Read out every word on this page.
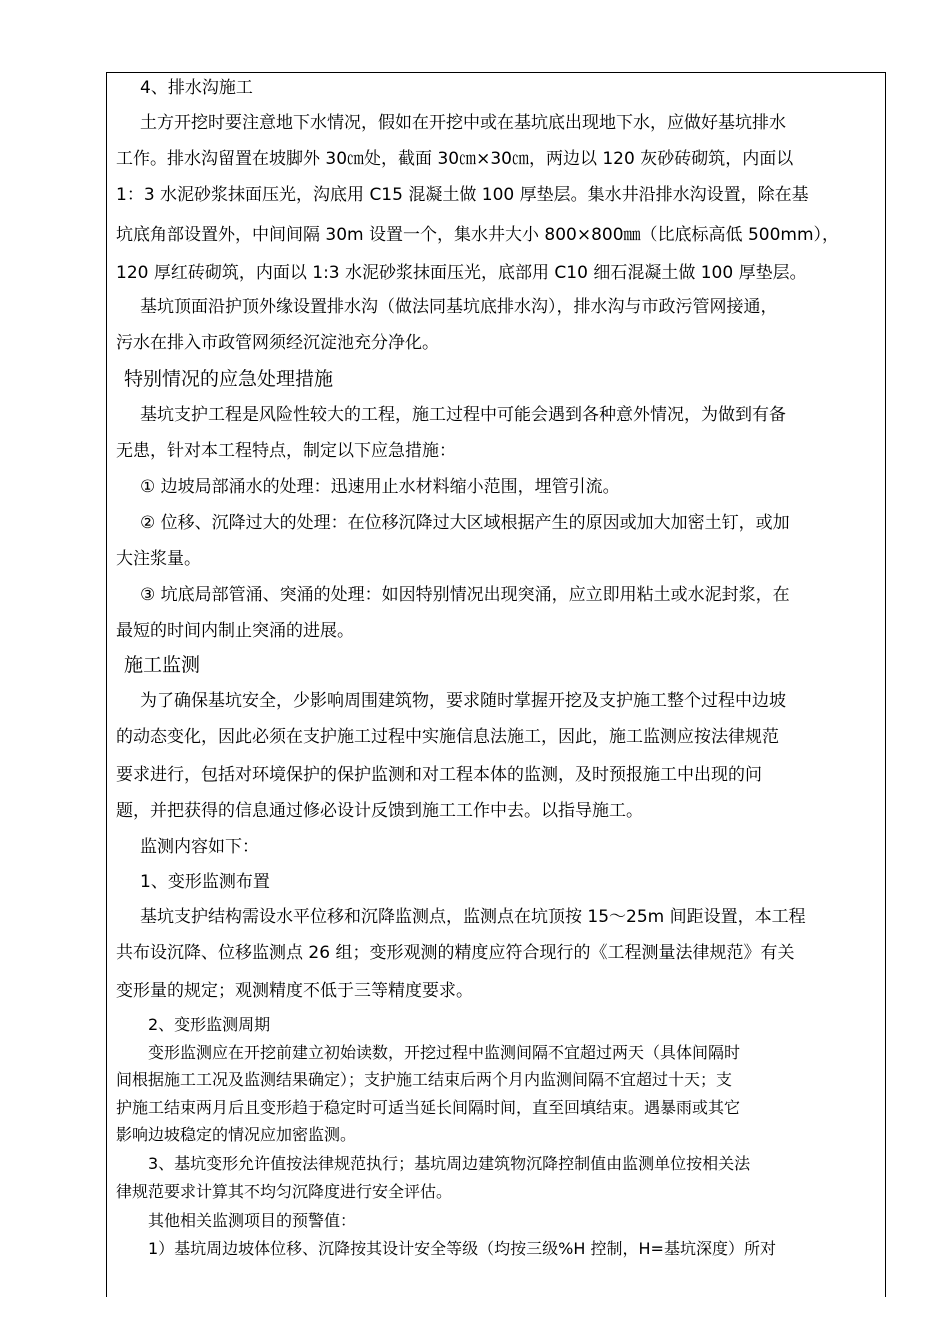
4、排水沟施工
土方开挖时要注意地下水情况，假如在开挖中或在基坑底出现地下水，应做好基坑排水
工作。排水沟留置在坡脚外 30㎝处，截面 30㎝×30㎝，两边以 120 灰砂砖砌筑，内面以
1：3 水泥砂浆抹面压光，沟底用 C15 混凝土做 100 厚垫层。集水井沿排水沟设置，除在基
坑底角部设置外，中间间隔 30m 设置一个，集水井大小 800×800㎜（比底标高低 500mm），
120 厚红砖砌筑，内面以 1:3 水泥砂浆抹面压光，底部用 C10 细石混凝土做 100 厚垫层。
基坑顶面沿护顶外缘设置排水沟（做法同基坑底排水沟），排水沟与市政污管网接通，
污水在排入市政管网须经沉淀池充分净化。
特别情况的应急处理措施
基坑支护工程是风险性较大的工程，施工过程中可能会遇到各种意外情况，为做到有备
无患，针对本工程特点，制定以下应急措施：
① 边坡局部涌水的处理：迅速用止水材料缩小范围，埋管引流。
② 位移、沉降过大的处理：在位移沉降过大区域根据产生的原因或加大加密土钉，或加
大注浆量。
③ 坑底局部管涌、突涌的处理：如因特别情况出现突涌，应立即用粘土或水泥封浆，在
最短的时间内制止突涌的进展。
施工监测
为了确保基坑安全，少影响周围建筑物，要求随时掌握开挖及支护施工整个过程中边坡
的动态变化，因此必须在支护施工过程中实施信息法施工，因此，施工监测应按法律规范
要求进行，包括对环境保护的保护监测和对工程本体的监测，及时预报施工中出现的问
题，并把获得的信息通过修必设计反馈到施工工作中去。以指导施工。
监测内容如下：
1、变形监测布置
基坑支护结构需设水平位移和沉降监测点，监测点在坑顶按 15～25m 间距设置，本工程
共布设沉降、位移监测点 26 组；变形观测的精度应符合现行的《工程测量法律规范》有关
变形量的规定；观测精度不低于三等精度要求。
2、变形监测周期
变形监测应在开挖前建立初始读数，开挖过程中监测间隔不宜超过两天（具体间隔时
间根据施工工况及监测结果确定）；支护施工结束后两个月内监测间隔不宜超过十天；支
护施工结束两月后且变形趋于稳定时可适当延长间隔时间，直至回填结束。遇暴雨或其它
影响边坡稳定的情况应加密监测。
3、基坑变形允许值按法律规范执行；基坑周边建筑物沉降控制值由监测单位按相关法
律规范要求计算其不均匀沉降度进行安全评估。
其他相关监测项目的预警值：
1）基坑周边坡体位移、沉降按其设计安全等级（均按三级%H 控制，H=基坑深度）所对
